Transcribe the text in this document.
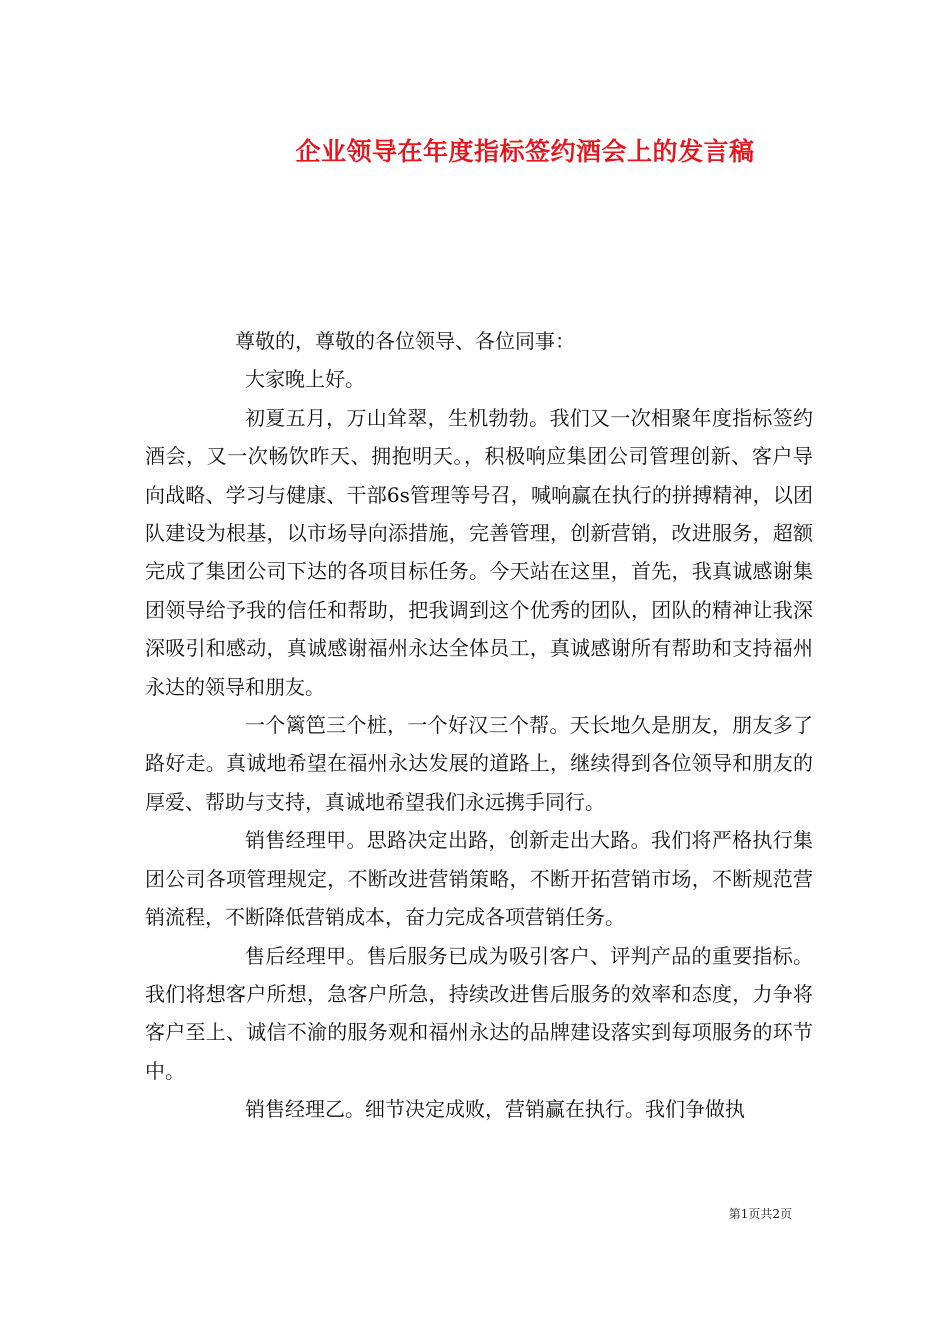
企业领导在年度指标签约酒会上的发言稿

尊敬的，尊敬的各位领导、各位同事：

大家晚上好。

初夏五月，万山耸翠，生机勃勃。我们又一次相聚年度指标签约酒会，又一次畅饮昨天、拥抱明天。，积极响应集团公司管理创新、客户导向战略、学习与健康、干部6s管理等号召，喊响赢在执行的拼搏精神，以团队建设为根基，以市场导向添措施，完善管理，创新营销，改进服务，超额完成了集团公司下达的各项目标任务。今天站在这里，首先，我真诚感谢集团领导给予我的信任和帮助，把我调到这个优秀的团队，团队的精神让我深深吸引和感动，真诚感谢福州永达全体员工，真诚感谢所有帮助和支持福州永达的领导和朋友。

一个篱笆三个桩，一个好汉三个帮。天长地久是朋友，朋友多了路好走。真诚地希望在福州永达发展的道路上，继续得到各位领导和朋友的厚爱、帮助与支持，真诚地希望我们永远携手同行。

销售经理甲。思路决定出路，创新走出大路。我们将严格执行集团公司各项管理规定，不断改进营销策略，不断开拓营销市场，不断规范营销流程，不断降低营销成本，奋力完成各项营销任务。

售后经理甲。售后服务已成为吸引客户、评判产品的重要指标。我们将想客户所想，急客户所急，持续改进售后服务的效率和态度，力争将客户至上、诚信不渝的服务观和福州永达的品牌建设落实到每项服务的环节中。

销售经理乙。细节决定成败，营销赢在执行。我们争做执

第1页共2页
